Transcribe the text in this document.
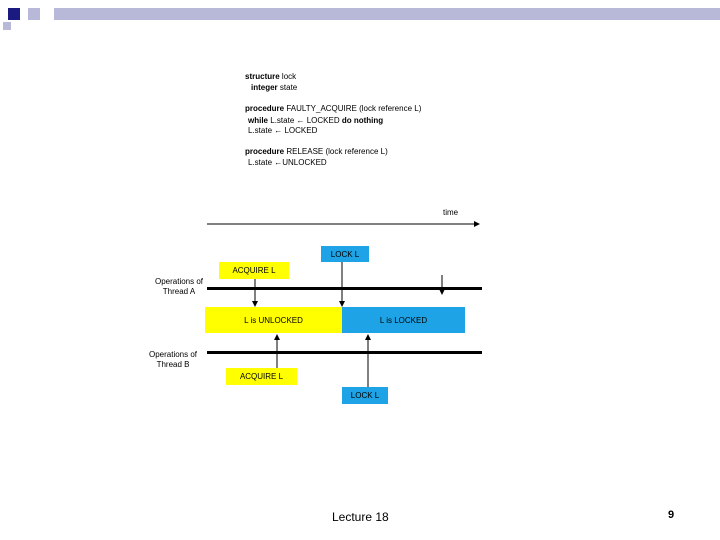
structure lock
integer state
procedure FAULTY_ACQUIRE (lock reference L)
while L.state ← LOCKED do nothing
L.state ← LOCKED
procedure RELEASE (lock reference L)
L.state ←UNLOCKED
time
LOCK L
ACQUIRE L
Operations of
Thread A
L is UNLOCKED	L is LOCKED
Operations of
Thread B
ACQUIRE L
LOCK L
Lecture 18	9
